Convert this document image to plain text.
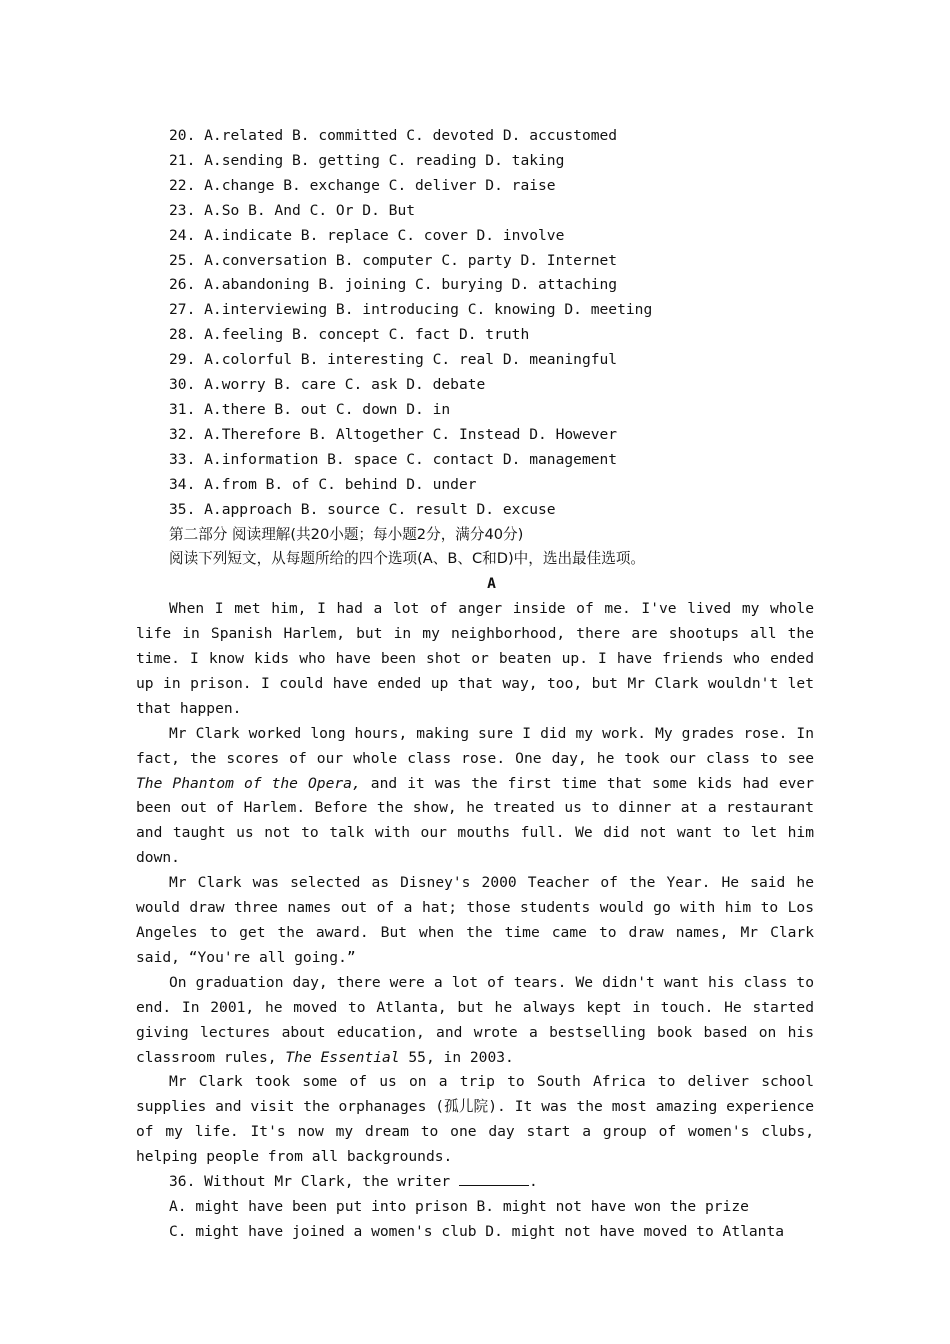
20. A.related B. committed C. devoted D. accustomed
21. A.sending B. getting C. reading D. taking
22. A.change B. exchange C. deliver D. raise
23. A.So B. And C. Or D. But
24. A.indicate B. replace C. cover D. involve
25. A.conversation B. computer C. party D. Internet
26. A.abandoning B. joining C. burying D. attaching
27. A.interviewing B. introducing C. knowing D. meeting
28. A.feeling B. concept C. fact D. truth
29. A.colorful B. interesting C. real D. meaningful
30. A.worry B. care C. ask D. debate
31. A.there B. out C. down D. in
32. A.Therefore B. Altogether C. Instead D. However
33. A.information B. space C. contact D. management
34. A.from B. of C. behind D. under
35. A.approach B. source C. result D. excuse
第二部分 阅读理解(共20小题；每小题2分，满分40分)
阅读下列短文，从每题所给的四个选项(A、B、C和D)中，选出最佳选项。
A
When I met him, I had a lot of anger inside of me. I've lived my whole life in Spanish Harlem, but in my neighborhood, there are shootups all the time. I know kids who have been shot or beaten up. I have friends who ended up in prison. I could have ended up that way, too, but Mr Clark wouldn't let that happen.
Mr Clark worked long hours, making sure I did my work. My grades rose. In fact, the scores of our whole class rose. One day, he took our class to see The Phantom of the Opera, and it was the first time that some kids had ever been out of Harlem. Before the show, he treated us to dinner at a restaurant and taught us not to talk with our mouths full. We did not want to let him down.
Mr Clark was selected as Disney's 2000 Teacher of the Year. He said he would draw three names out of a hat; those students would go with him to Los Angeles to get the award. But when the time came to draw names, Mr Clark said, “You're all going.”
On graduation day, there were a lot of tears. We didn't want his class to end. In 2001, he moved to Atlanta, but he always kept in touch. He started giving lectures about education, and wrote a bestselling book based on his classroom rules, The Essential 55, in 2003.
Mr Clark took some of us on a trip to South Africa to deliver school supplies and visit the orphanages (孤儿院). It was the most amazing experience of my life. It's now my dream to one day start a group of women's clubs, helping people from all backgrounds.
36. Without Mr Clark, the writer	.
A. might have been put into prison B. might not have won the prize
C. might have joined a women's club D. might not have moved to Atlanta
